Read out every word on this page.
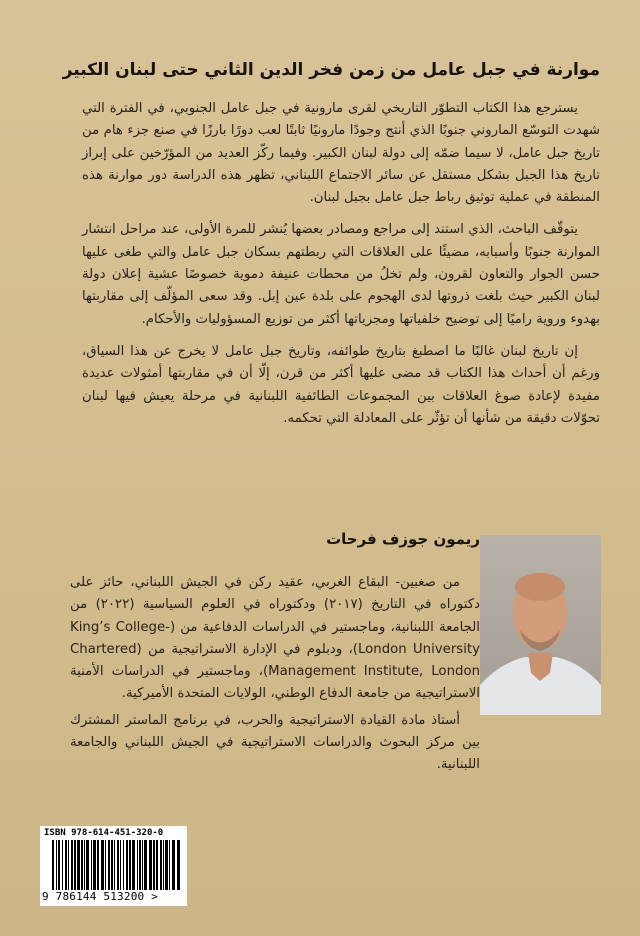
موارنة في جبل عامل من زمن فخر الدين الثاني حتى لبنان الكبير

يسترجع هذا الكتاب التطوّر التاريخي لقرى مارونية في جبل عامل الجنوبي، في الفترة التي شهدت التوسّع الماروني جنوبًا الذي أنتج وجودًا مارونيًا ثابتًا لعب دورًا بارزًا في صنع جزء هام من تاريخ جبل عامل، لا سيما ضمّه إلى دولة لبنان الكبير. وفيما ركّز العديد من المؤرّخين على إبراز تاريخ هذا الجبل بشكل مستقل عن سائر الاجتماع اللبناني، تظهر هذه الدراسة دور موارنة هذه المنطقة في عملية توثيق رباط جبل عامل بجبل لبنان.

يتوقّف الباحث، الذي استند إلى مراجع ومصادر بعضها يُنشر للمرة الأولى، عند مراحل انتشار الموارنة جنوبًا وأسبابه، مضيئًا على العلاقات التي ربطتهم بسكان جبل عامل والتي طغى عليها حسن الجوار والتعاون لقرون، ولم تخلُ من محطات عنيفة دموية خصوصًا عشية إعلان دولة لبنان الكبير حيث بلغت ذروتها لدى الهجوم على بلدة عين إبل. وقد سعى المؤلّف إلى مقاربتها بهدوء وروية راميًا إلى توضيح خلفياتها ومجرياتها أكثر من توزيع المسؤوليات والأحكام.

إن تاريخ لبنان غالبًا ما اصطبغ بتاريخ طوائفه، وتاريخ جبل عامل لا يخرج عن هذا السياق، ورغم أن أحداث هذا الكتاب قد مضى عليها أكثر من قرن، إلّا أن في مقاربتها أمثولات عديدة مفيدة لإعادة صوغ العلاقات بين المجموعات الطائفية اللبنانية في مرحلة يعيش فيها لبنان تحوّلات دقيقة من شأنها أن تؤثّر على المعادلة التي تحكمه.

ريمون جوزف فرحات

من صغبين- البقاع الغربي، عقيد ركن في الجيش اللبناني، حائز على دكتوراه في التاريخ (٢٠١٧) ودكتوراه في العلوم السياسية (٢٠٢٢) من الجامعة اللبنانية، وماجستير في الدراسات الدفاعية من (King’s College-London University)، ودبلوم في الإدارة الاستراتيجية من (Chartered Management Institute, London)، وماجستير في الدراسات الأمنية الاستراتيجية من جامعة الدفاع الوطني، الولايات المتحدة الأميركية.

أستاذ مادة القيادة الاستراتيجية والحرب، في برنامج الماستر المشترك بين مركز البحوث والدراسات الاستراتيجية في الجيش اللبناني والجامعة اللبنانية.

ISBN 978-614-451-320-0
9 786144 513200 >
